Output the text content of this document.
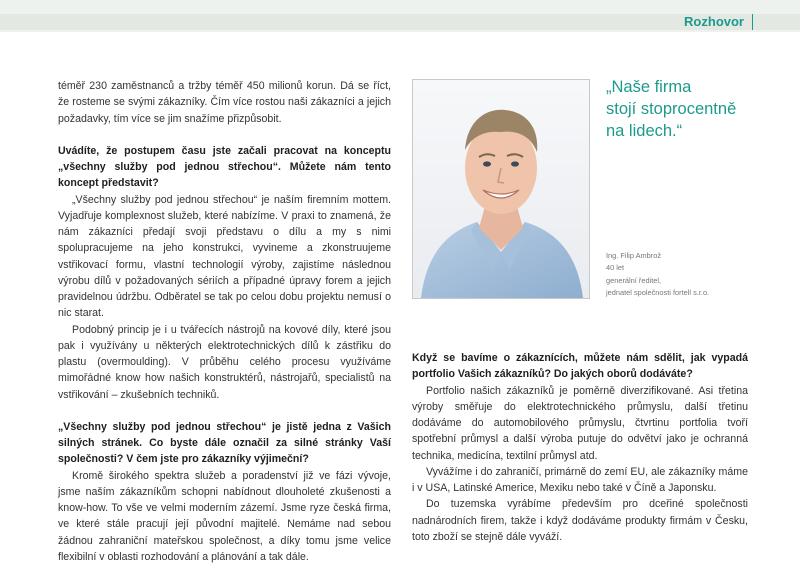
Rozhovor

téměř 230 zaměstnanců a tržby téměř 450 milionů korun. Dá se říct, že rosteme se svými zákazníky. Čím více rostou naši zákazníci a jejich požadavky, tím více se jim snažíme přizpůsobit.

Uvádíte, že postupem času jste začali pracovat na konceptu „všechny služby pod jednou střechou“. Můžete nám tento koncept představit?

„Všechny služby pod jednou střechou“ je naším firemním mottem. Vyjadřuje komplexnost služeb, které nabízíme. V praxi to znamená, že nám zákazníci předají svoji představu o dílu a my s nimi spolupracujeme na jeho konstrukci, vyvineme a zkonstruujeme vstřikovací formu, vlastní technologií výroby, zajistíme následnou výrobu dílů v požadovaných sériích a případné úpravy forem a jejich pravidelnou údržbu. Odběratel se tak po celou dobu projektu nemusí o nic starat.

Podobný princip je i u tvářecích nástrojů na kovové díly, které jsou pak i využívány u některých elektrotechnických dílů k zástřiku do plastu (overmoulding). V průběhu celého procesu využíváme mimořádné know how našich konstruktérů, nástrojařů, specialistů na vstřikování – zkušebních techniků.

„Všechny služby pod jednou střechou“ je jistě jedna z Vašich silných stránek. Co byste dále označil za silné stránky Vaší společnosti? V čem jste pro zákazníky výjimeční?

Kromě širokého spektra služeb a poradenství již ve fázi vývoje, jsme naším zákazníkům schopni nabídnout dlouholeté zkušenosti a know-how. To vše ve velmi moderním zázemí. Jsme ryze česká firma, ve které stále pracují její původní majitelé. Nemáme nad sebou žádnou zahraniční mateřskou společnost, a díky tomu jsme velice flexibilní v oblasti rozhodování a plánování a tak dále.

„Naše firma
stojí stoprocentně
na lidech.“
Ing. Filip Ambrož
40 let
generální ředitel,
jednatel společnosti fortell s.r.o.

Když se bavíme o zákaznících, můžete nám sdělit, jak vypadá portfolio Vašich zákazníků? Do jakých oborů dodáváte?

Portfolio našich zákazníků je poměrně diverzifikované. Asi třetina výroby směřuje do elektrotechnického průmyslu, další třetinu dodáváme do automobilového průmyslu, čtvrtinu portfolia tvoří spotřební průmysl a další výroba putuje do odvětví jako je ochranná technika, medicína, textilní průmysl atd.

Vyvážíme i do zahraničí, primárně do zemí EU, ale zákazníky máme i v USA, Latinské Americe, Mexiku nebo také v Číně a Japonsku.

Do tuzemska vyrábíme především pro dceřiné společnosti nadnárodních firem, takže i když dodáváme produkty firmám v Česku, toto zboží se stejně dále vyváží.
